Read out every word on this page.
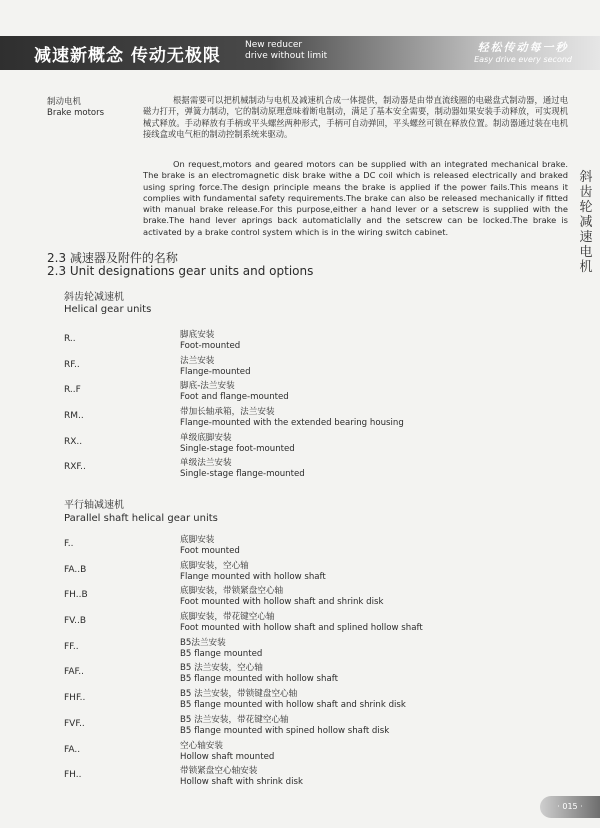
减速新概念 传动无极限
New reducer
drive without limit
轻松传动每一秒
Easy drive every second
制动电机
Brake motors
根据需要可以把机械制动与电机及减速机合成一体提供，制动器是由带直流线圈的电磁盘式制动器，通过电磁力打开，弹簧力制动，它的制动原理意味着断电制动，满足了基本安全需要，制动器如果安装手动释放，可实现机械式释放。手动释放有手柄或平头螺丝两种形式，手柄可自动弹回，平头螺丝可锁在释放位置。制动器通过装在电机接线盒或电气柜的制动控制系统来驱动。
On request,motors and geared motors can be supplied with an integrated mechanical brake. The brake is an electromagnetic disk brake withe a DC coil which is released electrically and braked using spring force.The design principle means the brake is applied if the power fails.This means it complies with fundamental safety requirements.The brake can also be released mechanically if fitted with manual brake release.For this purpose,either a hand lever or a setscrew is supplied with the brake.The hand lever aprings back automaticlally and the setscrew can be locked.The brake is activated by a brake control system which is in the wiring switch cabinet.
斜齿轮减速电机
2.3 减速器及附件的名称
2.3 Unit designations gear units and options
斜齿轮减速机
Helical gear units
R..	脚底安装
Foot-mounted
RF..	法兰安装
Flange-mounted
R..F	脚底-法兰安装
Foot and flange-mounted
RM..	带加长轴承箱，法兰安装
Flange-mounted with the extended bearing housing
RX..	单级底脚安装
Single-stage foot-mounted
RXF..	单级法兰安装
Single-stage flange-mounted
平行轴减速机
Parallel shaft helical gear units
F..	底脚安装
Foot mounted
FA..B	底脚安装，空心轴
Flange mounted with hollow shaft
FH..B	底脚安装，带锁紧盘空心轴
Foot mounted with hollow shaft and shrink disk
FV..B	底脚安装，带花键空心轴
Foot mounted with hollow shaft and splined hollow shaft
FF..	B5法兰安装
B5 flange mounted
FAF..	B5 法兰安装，空心轴
B5 flange mounted with hollow shaft
FHF..	B5 法兰安装，带锁键盘空心轴
B5 flange mounted with hollow shaft and shrink disk
FVF..	B5 法兰安装，带花键空心轴
B5 flange mounted with spined hollow shaft disk
FA..	空心轴安装
Hollow shaft mounted
FH..	带锁紧盘空心轴安装
Hollow shaft with shrink disk
· 015 ·
